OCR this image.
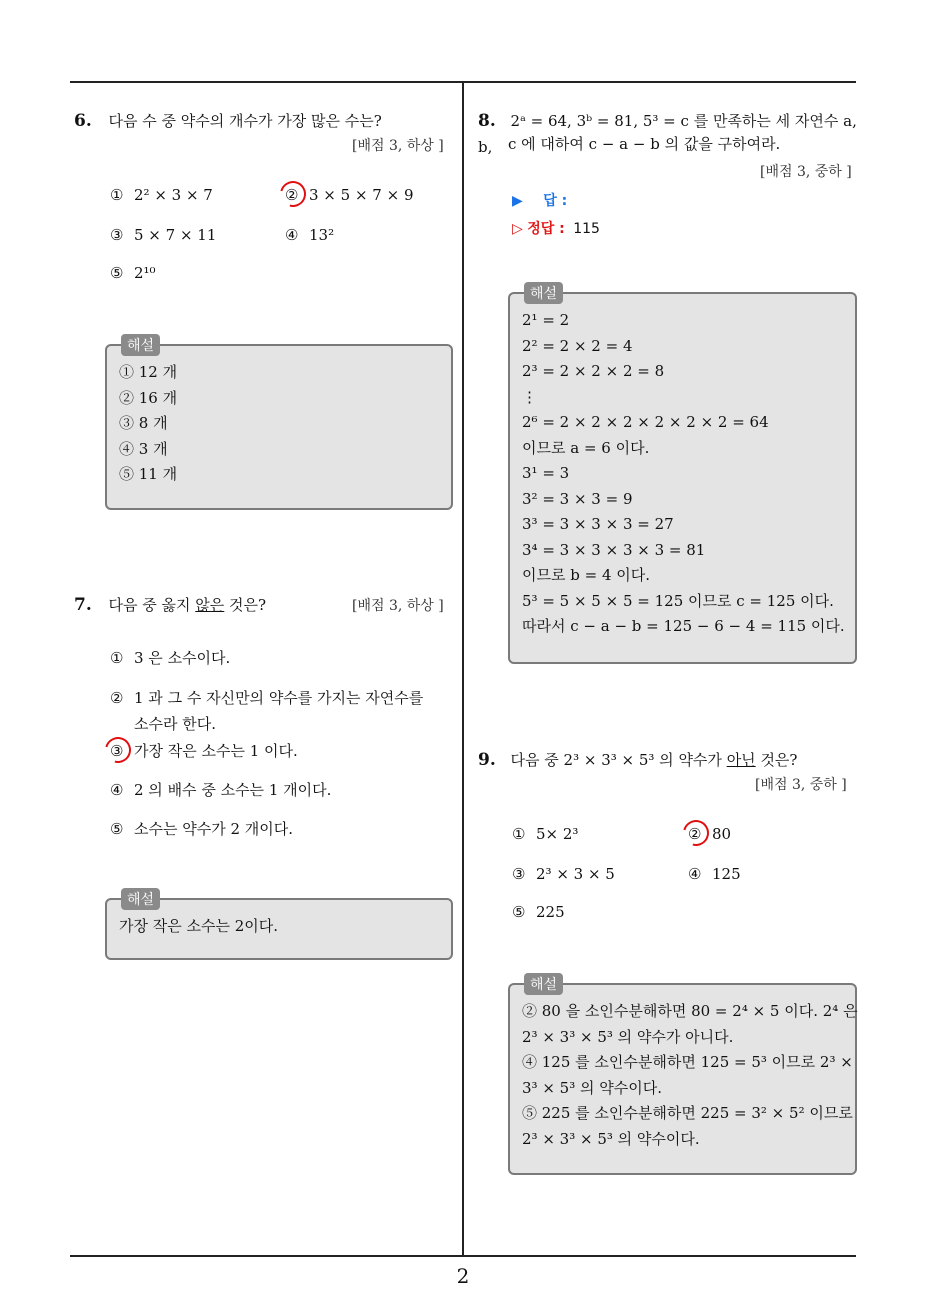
2
6. 다음 수 중 약수의 개수가 가장 많은 수는?
[배점 3, 하상 ]
① 2² × 3 × 7	② 3 × 5 × 7 × 9
③ 5 × 7 × 11	④ 13²
⑤ 2¹⁰
해설
① 12 개
② 16 개
③ 8 개
④ 3 개
⑤ 11 개
7. 다음 중 옳지 않은 것은?	[배점 3, 하상 ]
① 3 은 소수이다.
② 1 과 그 수 자신만의 약수를 가지는 자연수를
소수라 한다.
③ 가장 작은 소수는 1 이다.
④ 2 의 배수 중 소수는 1 개이다.
⑤ 소수는 약수가 2 개이다.
해설
가장 작은 소수는 2이다.
8. 2ᵃ = 64, 3ᵇ = 81, 5³ = c 를 만족하는 세 자연수 a, b,	c 에 대하여 c − a − b 의 값을 구하여라.
[배점 3, 중하 ]
▶ 답 :
▷ 정답 : 115
해설
2¹ = 2
2² = 2 × 2 = 4
2³ = 2 × 2 × 2 = 8
⋮
2⁶ = 2 × 2 × 2 × 2 × 2 × 2 = 64
이므로 a = 6 이다.
3¹ = 3
3² = 3 × 3 = 9
3³ = 3 × 3 × 3 = 27
3⁴ = 3 × 3 × 3 × 3 = 81
이므로 b = 4 이다.
5³ = 5 × 5 × 5 = 125 이므로 c = 125 이다.
따라서 c − a − b = 125 − 6 − 4 = 115 이다.
9. 다음 중 2³ × 3³ × 5³ 의 약수가 아닌 것은?
[배점 3, 중하 ]
① 5× 2³	② 80
③ 2³ × 3 × 5	④ 125
⑤ 225
해설
② 80 을 소인수분해하면 80 = 2⁴ × 5 이다. 2⁴ 은
2³ × 3³ × 5³ 의 약수가 아니다.
④ 125 를 소인수분해하면 125 = 5³ 이므로 2³ ×
3³ × 5³ 의 약수이다.
⑤ 225 를 소인수분해하면 225 = 3² × 5² 이므로
2³ × 3³ × 5³ 의 약수이다.
